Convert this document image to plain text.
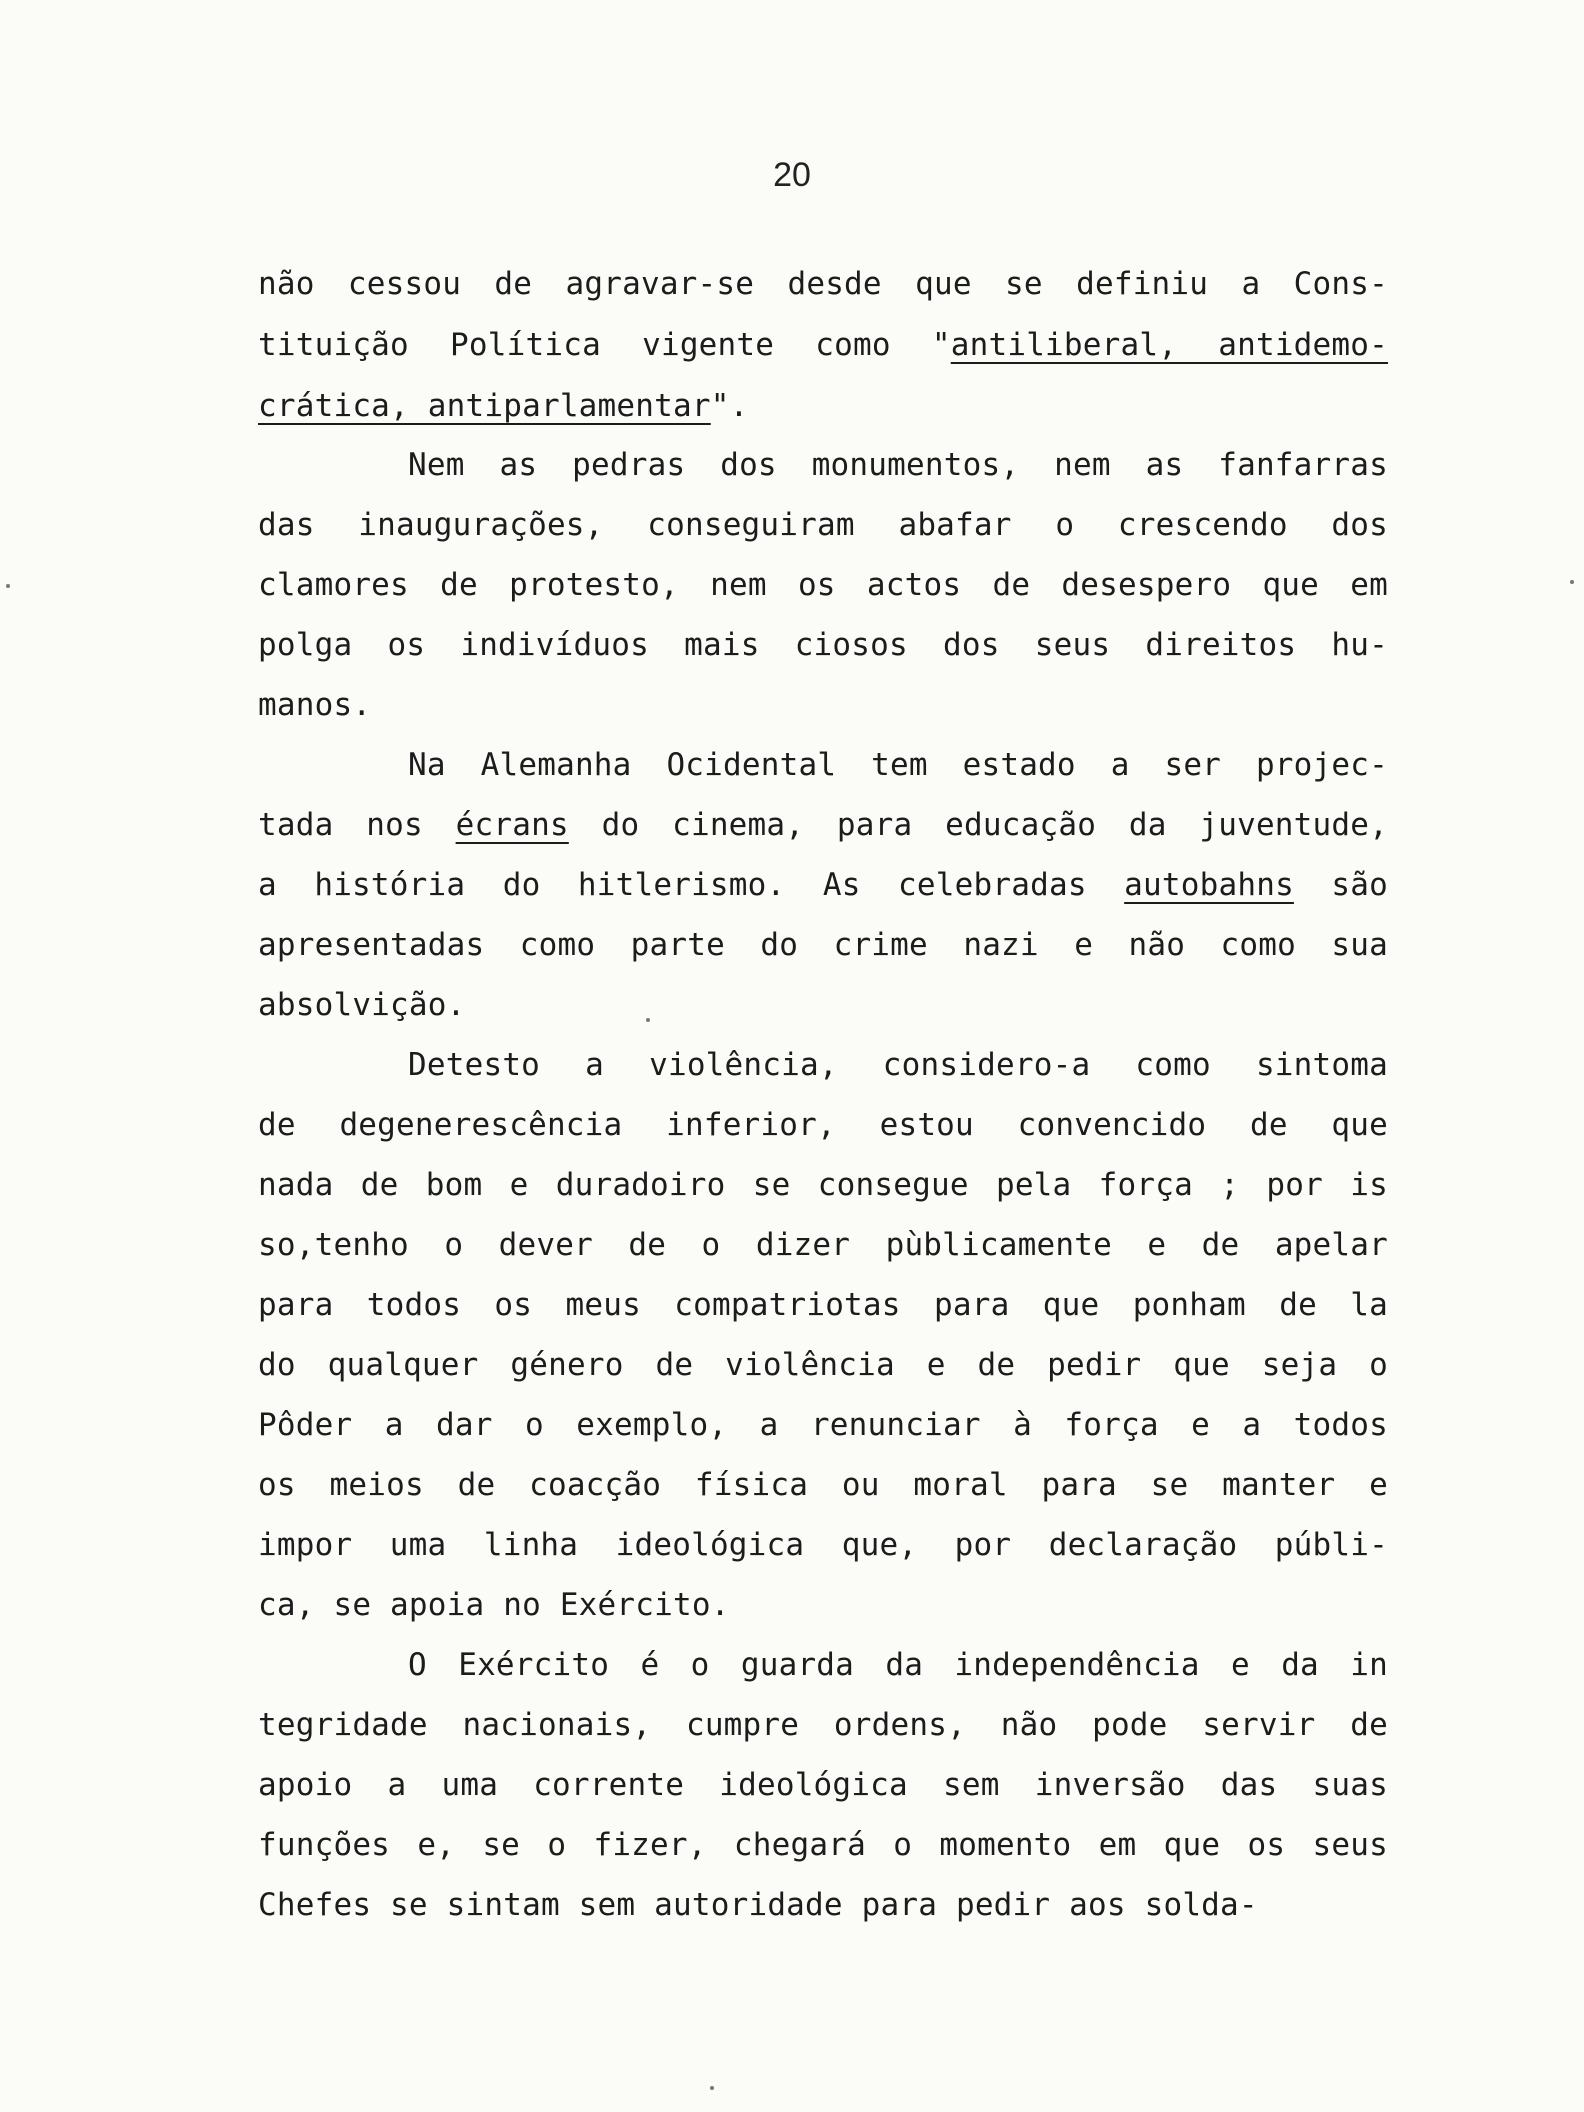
20
não cessou de agravar-se desde que se definiu a Cons-
tituição Política vigente como "antiliberal, antidemo-
crática, antiparlamentar".
Nem as pedras dos monumentos, nem as fanfarras
das inaugurações, conseguiram abafar o crescendo dos
clamores de protesto, nem os actos de desespero que em
polga os indivíduos mais ciosos dos seus direitos hu-
manos.
Na Alemanha Ocidental tem estado a ser projec-
tada nos écrans do cinema, para educação da juventude,
a história do hitlerismo. As celebradas autobahns são
apresentadas como parte do crime nazi e não como sua
absolvição.
Detesto a violência, considero-a como sintoma
de degenerescência inferior, estou convencido de que
nada de bom e duradoiro se consegue pela força ; por is
so,tenho o dever de o dizer pùblicamente e de apelar
para todos os meus compatriotas para que ponham de la
do qualquer género de violência e de pedir que seja o
Pôder a dar o exemplo, a renunciar à força e a todos
os meios de coacção física ou moral para se manter e
impor uma linha ideológica que, por declaração públi-
ca, se apoia no Exército.
O Exército é o guarda da independência e da in
tegridade nacionais, cumpre ordens, não pode servir de
apoio a uma corrente ideológica sem inversão das suas
funções e, se o fizer, chegará o momento em que os seus
Chefes se sintam sem autoridade para pedir aos solda-
